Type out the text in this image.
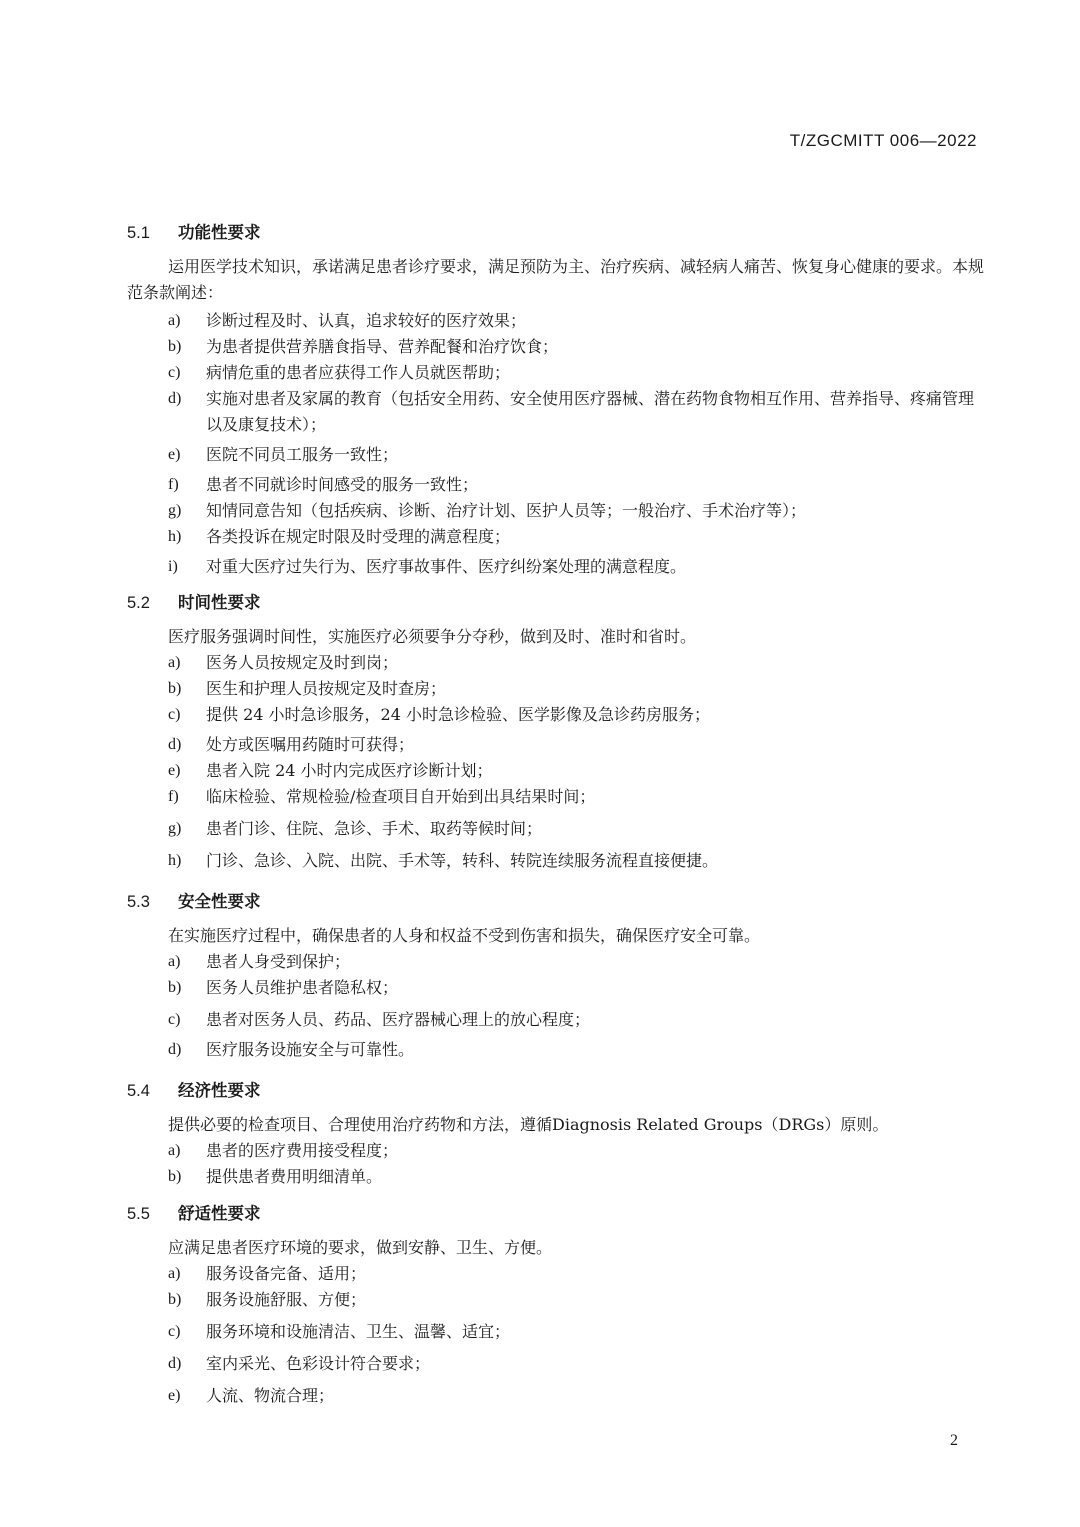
T/ZGCMITT 006—2022
5.1	功能性要求

运用医学技术知识，承诺满足患者诊疗要求，满足预防为主、治疗疾病、减轻病人痛苦、恢复身心健康的要求。本规范条款阐述：

a)	诊断过程及时、认真，追求较好的医疗效果；
b)	为患者提供营养膳食指导、营养配餐和治疗饮食；
c)	病情危重的患者应获得工作人员就医帮助；
d)	实施对患者及家属的教育（包括安全用药、安全使用医疗器械、潜在药物食物相互作用、营养指导、疼痛管理以及康复技术）；
e)	医院不同员工服务一致性；
f)	患者不同就诊时间感受的服务一致性；
g)	知情同意告知（包括疾病、诊断、治疗计划、医护人员等；一般治疗、手术治疗等）；
h)	各类投诉在规定时限及时受理的满意程度；
i)	对重大医疗过失行为、医疗事故事件、医疗纠纷案处理的满意程度。
5.2	时间性要求

医疗服务强调时间性，实施医疗必须要争分夺秒，做到及时、准时和省时。

a)	医务人员按规定及时到岗；
b)	医生和护理人员按规定及时查房；
c)	提供 24 小时急诊服务，24 小时急诊检验、医学影像及急诊药房服务；
d)	处方或医嘱用药随时可获得；
e)	患者入院 24 小时内完成医疗诊断计划；
f)	临床检验、常规检验/检查项目自开始到出具结果时间；
g)	患者门诊、住院、急诊、手术、取药等候时间；
h)	门诊、急诊、入院、出院、手术等，转科、转院连续服务流程直接便捷。
5.3	安全性要求

在实施医疗过程中，确保患者的人身和权益不受到伤害和损失，确保医疗安全可靠。

a)	患者人身受到保护；
b)	医务人员维护患者隐私权；
c)	患者对医务人员、药品、医疗器械心理上的放心程度；
d)	医疗服务设施安全与可靠性。
5.4	经济性要求

提供必要的检查项目、合理使用治疗药物和方法，遵循Diagnosis Related Groups（DRGs）原则。

a)	患者的医疗费用接受程度；
b)	提供患者费用明细清单。
5.5	舒适性要求

应满足患者医疗环境的要求，做到安静、卫生、方便。

a)	服务设备完备、适用；
b)	服务设施舒服、方便；
c)	服务环境和设施清洁、卫生、温馨、适宜；
d)	室内采光、色彩设计符合要求；
e)	人流、物流合理；
2
